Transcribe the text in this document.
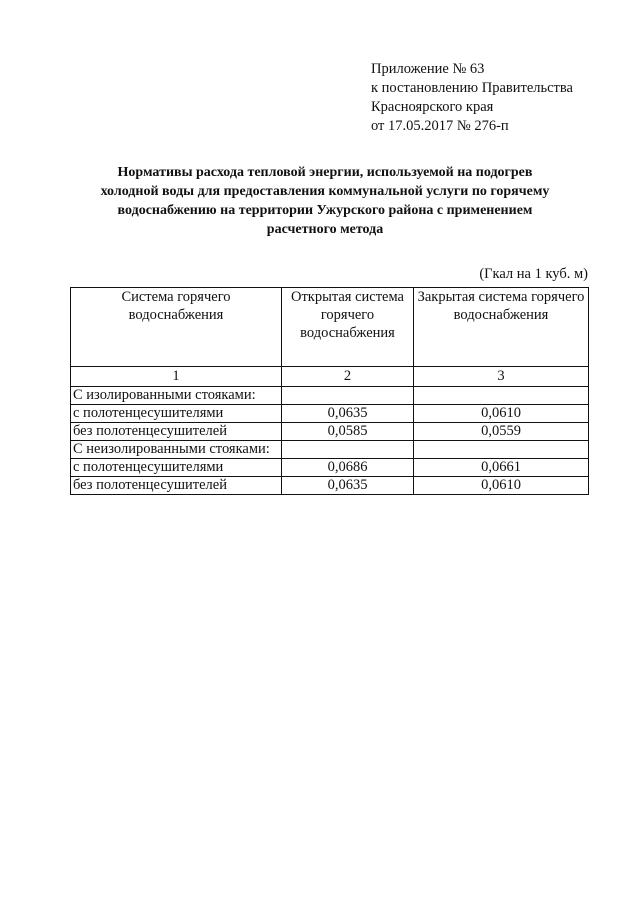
Приложение № 63
к постановлению Правительства
Красноярского края
от 17.05.2017 № 276-п
Нормативы расхода тепловой энергии, используемой на подогрев
холодной воды для предоставления коммунальной услуги по горячему
водоснабжению на территории Ужурского района с применением
расчетного метода
(Гкал на 1 куб. м)
Система горячего водоснабжения	Открытая система горячего водоснабжения	Закрытая система горячего водоснабжения
1	2	3
С изолированными стояками:		
с полотенцесушителями	0,0635	0,0610
без полотенцесушителей	0,0585	0,0559
С неизолированными стояками:		
с полотенцесушителями	0,0686	0,0661
без полотенцесушителей	0,0635	0,0610
